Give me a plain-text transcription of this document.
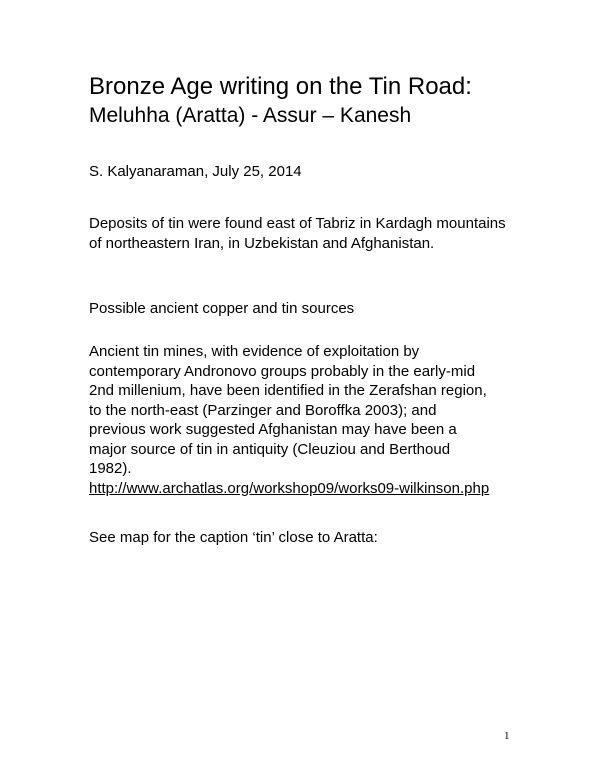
Bronze Age writing on the Tin Road:
Meluhha (Aratta) - Assur – Kanesh

S. Kalyanaraman, July 25, 2014

Deposits of tin were found east of Tabriz in Kardagh mountains of northeastern Iran, in Uzbekistan and Afghanistan.

Possible ancient copper and tin sources

Ancient tin mines, with evidence of exploitation by
contemporary Andronovo groups probably in the early-mid
2nd millenium, have been identified in the Zerafshan region,
to the north-east (Parzinger and Boroffka 2003); and
previous work suggested Afghanistan may have been a
major source of tin in antiquity (Cleuziou and Berthoud
1982).
http://www.archatlas.org/workshop09/works09-wilkinson.php

See map for the caption ‘tin’ close to Aratta:

1
